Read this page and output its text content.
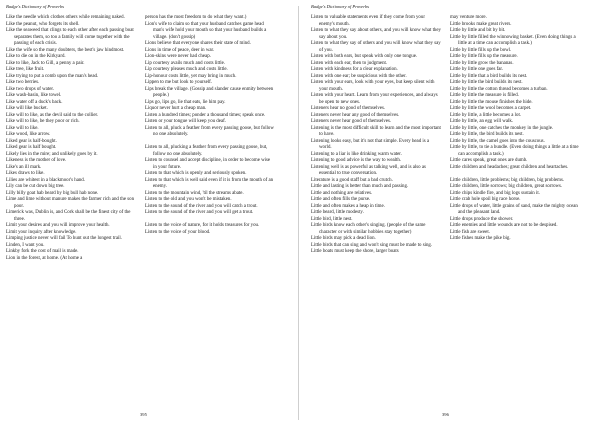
Badge's Dictionary of Proverbs

Like the needle which clothes others while remaining naked.

Like the peanut, who forgets its shell.

Like the seaweed that clings to each other after each passing boat separates them, so too a family will come together with the passing of each crisis.

Like the wife so the many doubters, the best's jaw hindmost.

Like to die on in the Kirkyard.

Like to like, Jack to Gill, a penny a pair.

Like tree, like fruit.

Like trying to put a comb upon the man's head.

Like two berries.

Like two drops of water.

Like wash-basin, like towel.

Like water off a duck's back.

Like will like bucket.

Like will to like, as the devil said to the collier.

Like will to like, be they poor or rich.

Like will to like.

Like wood, like arrow.

Liked gear is half-bought.

Liked gear is half bought.

Likely lies in the mire; and unlikely goes by it.

Likeness is the mother of love.

Like's an ill mark.

Likes draws to like.

Lilies are whitest in a blackmoor's hand.

Lily can be cut down big tree.

Lilly billy goat hab beard by big bull hab none.

Lime and lime without manure makes the farmer rich and the son poor.

Limerick was, Dublin is, and Cork shall be the finest city of the three.

Limit your desires and you will improve your health.

Limit your inquiry after knowledge.

Limping justice never will fail To hunt out the longest trail.

Linden, I want you.

Linkby fork the cost of mail is made.

Lion in the forest, at home. (At home a

person has the most freedom to do what they want.)

Lion's wife to claim so that your husband catches game head man's wife hold your mouth so that your husband builds a village. (don't gossip)

Lions believe that everyone shares their state of mind.

Lions in time of peace, deer in war.

Lion-skins were never had cheap.

Lip courtesy avails much and costs little.

Lip courtesy pleases much and costs little.

Lip-honour costs little, yet may bring in much.

Lippen to me but look to yourself.

Lips break the village. (Gossip and slander cause enmity between people.)

Lips go, lips go, lie that eats, lie him pay.

Liquor never hurt a cheap man.

Listen a hundred times; ponder a thousand times; speak once.

Listen or your tongue will keep you deaf.

Listen to all, pluck a feather from every passing goose, but follow no one absolutely.

Listen to all, plucking a feather from every passing goose, but, follow no one absolutely.

Listen to counsel and accept discipline, in order to become wise in your future.

Listen to that which is openly and seriously spoken.

Listen to that which is well said even if it is from the mouth of an enemy.

Listen to the mountain wind, 'til the streams abate.

Listen to the old and you won't be mistaken.

Listen to the sound of the river and you will catch a trout.

Listen to the sound of the river and you will get a trout.

Listen to the voice of nature, for it holds treasures for you.

Listen to the voice of your blood.

395
Badge's Dictionary of Proverbs

Listen to valuable statements even if they come from your enemy's mouth.

Listen to what they say about others, and you will know what they say about you.

Listen to what they say of others and you will know what they say of you.

Listen with both ears, but speak with only one tongue.

Listen with each ear, then to judgment.

Listen with kindness for a clear explanation.

Listen with one ear; be suspicious with the other.

Listen with your ears, look with your eyes, but keep silent with your mouth.

Listen with your heart. Learn from your experiences, and always be open to new ones.

Listeners hear no good of themselves.

Listeners never hear any good of themselves.

Listeners never hear good of themselves.

Listening is the most difficult skill to learn and the most important to have.

Listening looks easy, but it's not that simple. Every head is a world.

Listening to a liar is like drinking warm water.

Listening to good advice is the way to wealth.

Listening well is as powerful as talking well, and is also as essential to true conversation.

Literature is a good staff but a bad crutch.

Little and lasting is better than much and passing.

Little and nothing are relatives.

Little and often fills the purse.

Little and often makes a heap in time.

Little beard, little modesty.

Little bird, little nest.

Little birds know each other's singing. (people of the same character or with similar hobbies stay together)

Little birds may pick a dead lion.

Little birds that can sing and won't sing must be made to sing.

Little boats must keep the shore, larger boats

may venture more.

Little brooks make great rivers.

Little by little and bit by bit.

Little by little filled the winnowing basket. (Even doing things a little at a time can accomplish a task.)

Little by little fills up the bowl.

Little by little fills up the measure.

Little by little grow the bananas.

Little by little one goes far.

Little by little that a bird builds its nest.

Little by little the bird builds its nest.

Little by little the cotton thread becomes a turban.

Little by little the measure is filled.

Little by little the mouse finishes the hide.

Little by little the wool becomes a carpet.

Little by little, a little becomes a lot.

Little by little, an egg will walk.

Little by little, one catches the monkey in the jungle.

Little by little, the bird builds its nest.

Little by little, the camel goes into the couscous.

Little by little, to tie a bundle. (Even doing things a little at a time can accomplish a task.)

Little cares speak, great ones are dumb.

Little children and headaches; great children and heartaches.

Little children, little problems; big children, big problems.

Little children, little sorrows; big children, great sorrows.

Little chips kindle fire, and big logs sustain it.

Little crab hole spoil big race horse.

Little drops of water, little grains of sand, make the mighty ocean and the pleasant land.

Little drops produce the shower.

Little enemies and little wounds are not to be despised.

Little fish are sweet.

Little fishes make the pike big.

396
